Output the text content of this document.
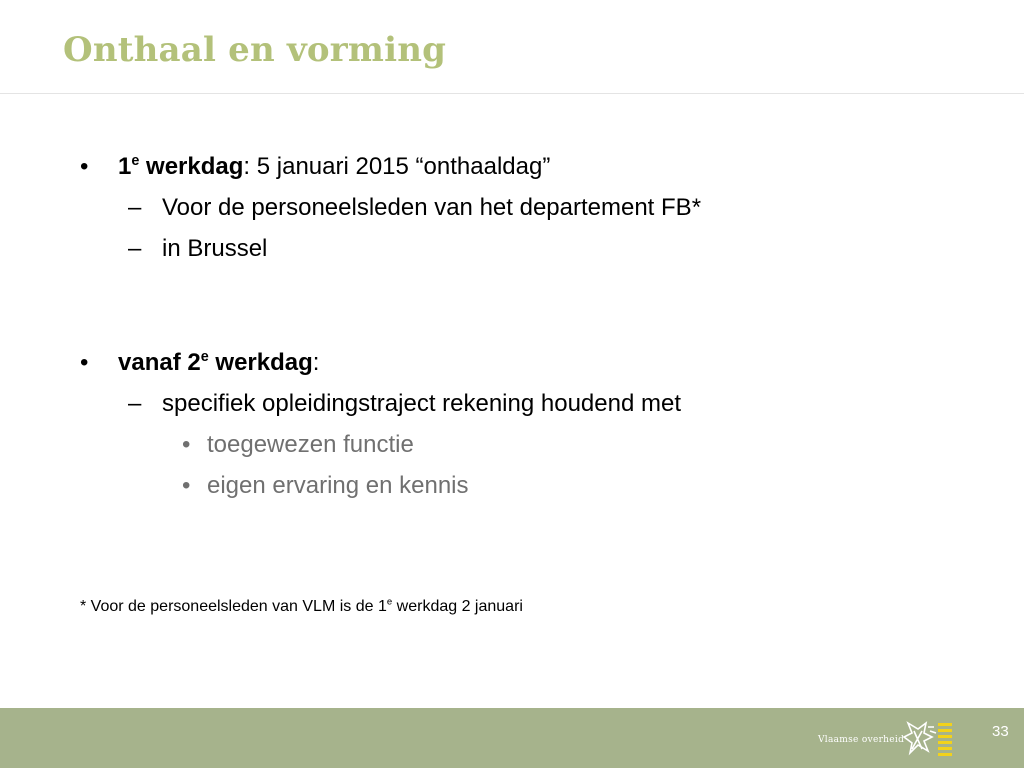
Onthaal en vorming

• 1e werkdag: 5 januari 2015 “onthaaldag”

– Voor de personeelsleden van het departement FB*

– in Brussel

• vanaf 2e werkdag:

– specifiek opleidingstraject rekening houdend met

• toegewezen functie

• eigen ervaring en kennis

* Voor de personeelsleden van VLM is de 1e werkdag 2 januari

Vlaamse overheid	33
